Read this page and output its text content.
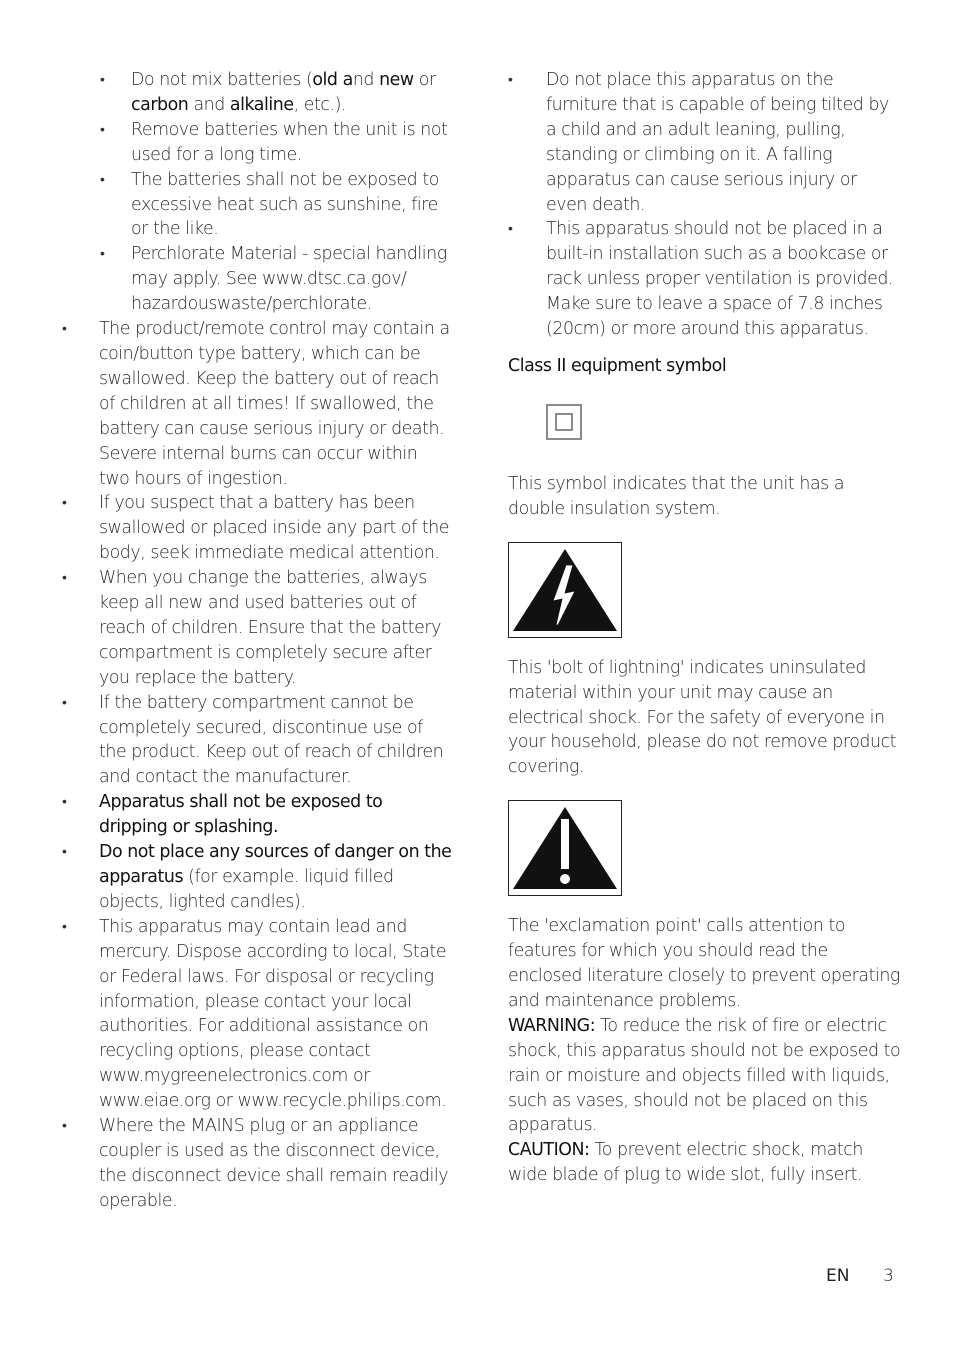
• Do not mix batteries (old and new or carbon and alkaline, etc.).
• Remove batteries when the unit is not used for a long time.
• The batteries shall not be exposed to excessive heat such as sunshine, fire or the like.
• Perchlorate Material - special handling may apply. See www.dtsc.ca.gov/ hazardouswaste/perchlorate.
• The product/remote control may contain a coin/button type battery, which can be swallowed. Keep the battery out of reach of children at all times! If swallowed, the battery can cause serious injury or death. Severe internal burns can occur within two hours of ingestion.
• If you suspect that a battery has been swallowed or placed inside any part of the body, seek immediate medical attention.
• When you change the batteries, always keep all new and used batteries out of reach of children. Ensure that the battery compartment is completely secure after you replace the battery.
• If the battery compartment cannot be completely secured, discontinue use of the product. Keep out of reach of children and contact the manufacturer.
• Apparatus shall not be exposed to dripping or splashing.
• Do not place any sources of danger on the apparatus (for example. liquid filled objects, lighted candles).
• This apparatus may contain lead and mercury. Dispose according to local, State or Federal laws. For disposal or recycling information, please contact your local authorities. For additional assistance on recycling options, please contact www.mygreenelectronics.com or www.eiae.org or www.recycle.philips.com.
• Where the MAINS plug or an appliance coupler is used as the disconnect device, the disconnect device shall remain readily operable.
• Do not place this apparatus on the furniture that is capable of being tilted by a child and an adult leaning, pulling, standing or climbing on it. A falling apparatus can cause serious injury or even death.
• This apparatus should not be placed in a built-in installation such as a bookcase or rack unless proper ventilation is provided. Make sure to leave a space of 7.8 inches (20cm) or more around this apparatus.

Class II equipment symbol

This symbol indicates that the unit has a double insulation system.

This 'bolt of lightning' indicates uninsulated material within your unit may cause an electrical shock. For the safety of everyone in your household, please do not remove product covering.

The 'exclamation point' calls attention to features for which you should read the enclosed literature closely to prevent operating and maintenance problems.

WARNING: To reduce the risk of fire or electric shock, this apparatus should not be exposed to rain or moisture and objects filled with liquids, such as vases, should not be placed on this apparatus.

CAUTION: To prevent electric shock, match wide blade of plug to wide slot, fully insert.

EN 3
